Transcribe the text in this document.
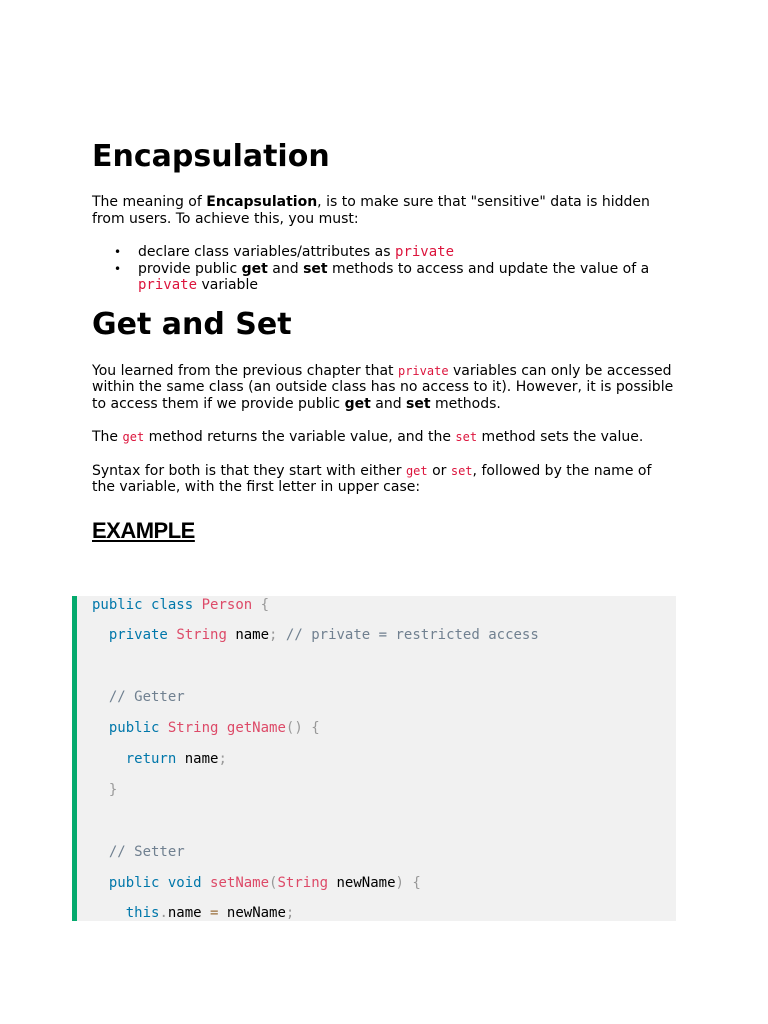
Encapsulation

The meaning of Encapsulation, is to make sure that "sensitive" data is hidden from users. To achieve this, you must:

• declare class variables/attributes as private
• provide public get and set methods to access and update the value of a private variable
Get and Set

You learned from the previous chapter that private variables can only be accessed within the same class (an outside class has no access to it). However, it is possible to access them if we provide public get and set methods.

The get method returns the variable value, and the set method sets the value.

Syntax for both is that they start with either get or set, followed by the name of the variable, with the first letter in upper case:

EXAMPLE
public class Person {
private String name; // private = restricted access
// Getter
public String getName() {
return name;
}
// Setter
public void setName(String newName) {
this.name = newName;
